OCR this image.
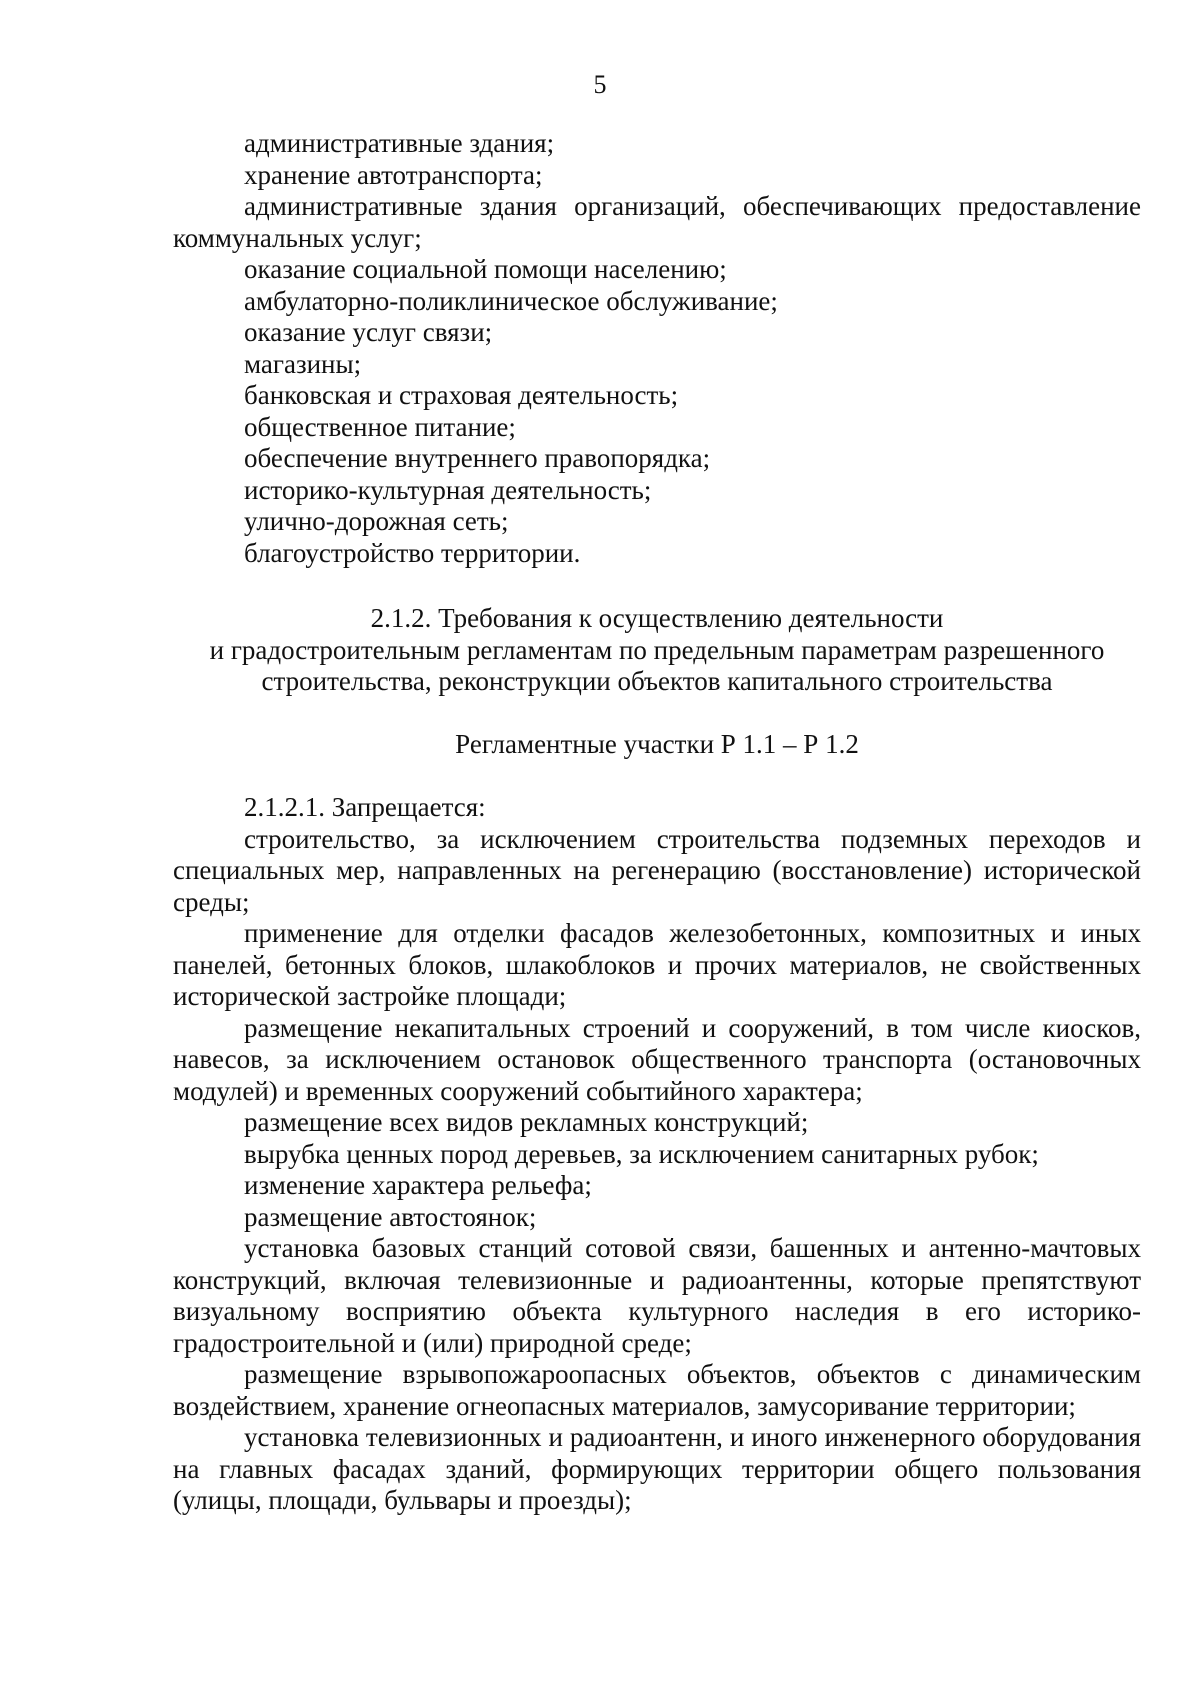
5

административные здания;

хранение автотранспорта;

административные здания организаций, обеспечивающих предоставление коммунальных услуг;

оказание социальной помощи населению;

амбулаторно-поликлиническое обслуживание;

оказание услуг связи;

магазины;

банковская и страховая деятельность;

общественное питание;

обеспечение внутреннего правопорядка;

историко-культурная деятельность;

улично-дорожная сеть;

благоустройство территории.

2.1.2. Требования к осуществлению деятельности

и градостроительным регламентам по предельным параметрам разрешенного

строительства, реконструкции объектов капитального строительства

Регламентные участки Р 1.1 – Р 1.2

2.1.2.1. Запрещается:

строительство, за исключением строительства подземных переходов и специальных мер, направленных на регенерацию (восстановление) исторической среды;

применение для отделки фасадов железобетонных, композитных и иных панелей, бетонных блоков, шлакоблоков и прочих материалов, не свойственных исторической застройке площади;

размещение некапитальных строений и сооружений, в том числе киосков, навесов, за исключением остановок общественного транспорта (остановочных модулей) и временных сооружений событийного характера;

размещение всех видов рекламных конструкций;

вырубка ценных пород деревьев, за исключением санитарных рубок;

изменение характера рельефа;

размещение автостоянок;

установка базовых станций сотовой связи, башенных и антенно-мачтовых конструкций, включая телевизионные и радиоантенны, которые препятствуют визуальному восприятию объекта культурного наследия в его историко-градостроительной и (или) природной среде;

размещение взрывопожароопасных объектов, объектов с динамическим воздействием, хранение огнеопасных материалов, замусоривание территории;

установка телевизионных и радиоантенн, и иного инженерного оборудования на главных фасадах зданий, формирующих территории общего пользования (улицы, площади, бульвары и проезды);
